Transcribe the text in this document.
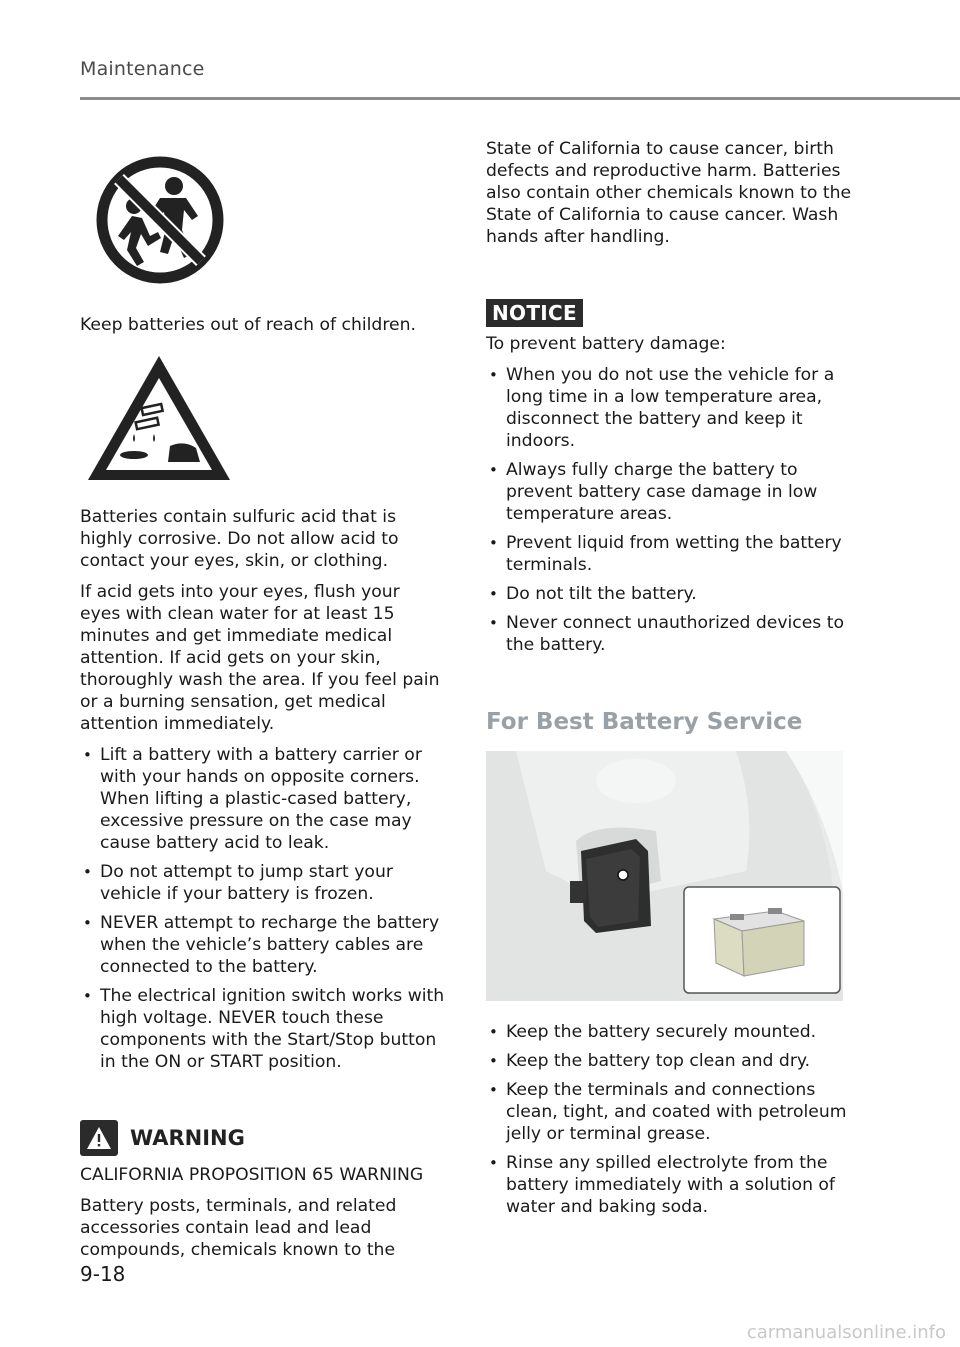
Maintenance

Keep batteries out of reach of children.

Batteries contain sulfuric acid that is highly corrosive. Do not allow acid to contact your eyes, skin, or clothing.

If acid gets into your eyes, flush your eyes with clean water for at least 15 minutes and get immediate medical attention. If acid gets on your skin, thoroughly wash the area. If you feel pain or a burning sensation, get medical attention immediately.

• Lift a battery with a battery carrier or with your hands on opposite corners. When lifting a plastic-cased battery, excessive pressure on the case may cause battery acid to leak.
• Do not attempt to jump start your vehicle if your battery is frozen.
• NEVER attempt to recharge the battery when the vehicle’s battery cables are connected to the battery.
• The electrical ignition switch works with high voltage. NEVER touch these components with the Start/Stop button in the ON or START position.
WARNING

CALIFORNIA PROPOSITION 65 WARNING

Battery posts, terminals, and related accessories contain lead and lead compounds, chemicals known to the

State of California to cause cancer, birth defects and reproductive harm. Batteries also contain other chemicals known to the State of California to cause cancer. Wash hands after handling.

NOTICE

To prevent battery damage:

• When you do not use the vehicle for a long time in a low temperature area, disconnect the battery and keep it indoors.
• Always fully charge the battery to prevent battery case damage in low temperature areas.
• Prevent liquid from wetting the battery terminals.
• Do not tilt the battery.
• Never connect unauthorized devices to the battery.
For Best Battery Service
• Keep the battery securely mounted.
• Keep the battery top clean and dry.
• Keep the terminals and connections clean, tight, and coated with petroleum jelly or terminal grease.
• Rinse any spilled electrolyte from the battery immediately with a solution of water and baking soda.
9-18
carmanualsonline.info
